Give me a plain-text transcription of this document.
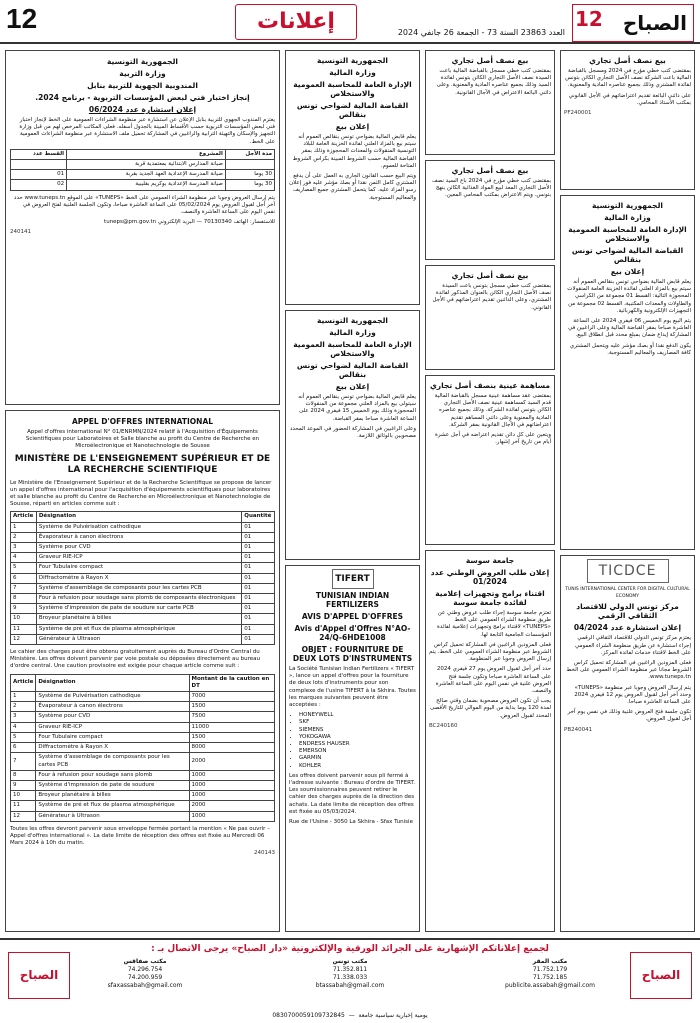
12	إعلانات	العدد 23863 السنة 73 - الجمعة 26 جانفي 2024
12 الصباح
الجمهورية التونسية
وزارة التربية
المندوبية الجهوية للتربية بنابل
إنجاز اختبار فني لبعض المؤسسات التربوية - برنامج 2024.
إعلان استشارة عدد 06/2024

يعتزم المندوب الجهوي للتربية بنابل الإعلان عن استشارة عبر منظومة الشراءات العمومية على الخط لإنجاز اختبار فني لبعض المؤسسات التربوية حسب الأقساط المبينة بالجدول أسفله. فعلى المكاتب المرخص لهم من قبل وزارة التجهيز والإسكان والتهيئة الترابية والراغبين في المشاركة تحميل ملف الاستشارة عبر منظومة الشراءات العمومية على الخط.

مدة الأجل	المشروع	القسط عدد
	صيانة المدارس الابتدائية بمعتمدية قربة	
30 يوما	صيانة المدرسة الإعدادية العهد الجديد بقربة	01
30 يوما	صيانة المدرسة الإعدادية بوكريم بقليبية	02

يتم إرسال العروض وجوبا عبر منظومة الشراء العمومي على الخط «TUNEPS» على الموقع www.tuneps.tn حدد آخر أجل لقبول العروض يوم 05/02/2024 على الساعة العاشرة صباحا، وتكون الجلسة العلنية لفتح العروض في نفس اليوم على الساعة العاشرة والنصف.

للاستفسار: الهاتف 70130340 — البريد الإلكتروني tuneps@pm.gov.tn

240141
APPEL D'OFFRES INTERNATIONAL

Appel d'offres international N° 01/ENRMN/2024 relatif à l'Acquisition d'Équipements Scientifiques pour Laboratoires et Salle blanche au profit du Centre de Recherche en Microélectronique et Nanotechnologie de Sousse

MINISTÈRE DE L'ENSEIGNEMENT SUPÉRIEUR ET DE LA RECHERCHE SCIENTIFIQUE

Le Ministère de l'Enseignement Supérieur et de la Recherche Scientifique se propose de lancer un appel d'offres international pour l'acquisition d'équipements scientifiques pour laboratoires et salle blanche au profit du Centre de Recherche en Microélectronique et Nanotechnologie de Sousse, réparti en articles comme suit :

Article	Désignation	Quantité
1	Système de Pulvérisation cathodique	01
2	Évaporateur à canon électrons	01
3	Système pour CVD	01
4	Graveur RIE-ICP	01
5	Four Tubulaire compact	01
6	Diffractomètre à Rayon X	01
7	Système d'assemblage de composants pour les cartes PCB	01
8	Four à refusion pour soudage sans plomb de composants électroniques	01
9	Système d'impression de pate de soudure sur carte PCB	01
10	Broyeur planétaire à billes	01
11	Système de pré et flux de plasma atmosphérique	01
12	Générateur à Ultrason	01

Le cahier des charges peut être obtenu gratuitement auprès du Bureau d'Ordre Central du Ministère. Les offres doivent parvenir par voie postale ou déposées directement au bureau d'ordre central. Une caution provisoire est exigée pour chaque article comme suit :

Article	Désignation	Montant de la caution en DT
1	Système de Pulvérisation cathodique	7000
2	Évaporateur à canon électrons	1500
3	Système pour CVD	7500
4	Graveur RIE-ICP	11000
5	Four Tubulaire compact	1500
6	Diffractomètre à Rayon X	8000
7	Système d'assemblage de composants pour les cartes PCB	2000
8	Four à refusion pour soudage sans plomb	1000
9	Système d'impression de pate de soudure	1000
10	Broyeur planétaire à billes	1000
11	Système de pré et flux de plasma atmosphérique	2000
12	Générateur à Ultrason	1000

Toutes les offres devront parvenir sous enveloppe fermée portant la mention « Ne pas ouvrir – Appel d'offres international ». La date limite de réception des offres est fixée au Mercredi 06 Mars 2024 à 10h du matin.

240143
الجمهورية التونسية
وزارة المالية
الإدارة العامة للمحاسبة العمومية والاستخلاص
القباضة المالية لضواحي تونس بنقالص
إعلان بيع

يعلم قابض المالية بضواحي تونس بنقالص العموم أنه سيتم بيع بالمزاد العلني لفائدة الخزينة العامة للبلاد التونسية المنقولات والمعدات المحجوزة وذلك بمقر القباضة المالية حسب الشروط المبينة بكراس الشروط المتاحة للعموم.

ويتم البيع حسب القانون الجاري به العمل على أن يدفع المشتري كامل الثمن نقدا أو بصك مؤشر عليه فور إعلان رسو المزاد عليه. كما يتحمل المشتري جميع المصاريف والمعاليم المستوجبة.

الجمهورية التونسية
وزارة المالية
الإدارة العامة للمحاسبة العمومية والاستخلاص
القباضة المالية لضواحي تونس بنقالص
إعلان بيع

يعلم قابض المالية بضواحي تونس بنقالص العموم أنه سيتولى بيع بالمزاد العلني مجموعة من المنقولات المحجوزة وذلك يوم الخميس 15 فيفري 2024 على الساعة العاشرة صباحا بمقر القباضة.

وعلى الراغبين في المشاركة الحضور في الموعد المحدد مصحوبين بالوثائق اللازمة.

TIFERT
TUNISIAN INDIAN FERTILIZERS
AVIS D'APPEL D'OFFRES
Avis d'Appel d'Offres N°AO-24/Q-6HDE1008
OBJET : FOURNITURE DE DEUX LOTS D'INSTRUMENTS

La Société Tunisian Indian Fertilizers « TIFERT », lance un appel d'offres pour la fourniture de deux lots d'instruments pour son complexe de l'usine TIFERT à la Skhira. Toutes les marques suivantes peuvent être acceptées :

• HONEYWELL
• SKF
• SIEMENS
• YOKOGAWA
• ENDRESS HAUSER
• EMERSON
• GARMIN
• KOHLER

Les offres doivent parvenir sous pli fermé à l'adresse suivante : Bureau d'ordre de TIFERT. Les soumissionnaires peuvent retirer le cahier des charges auprès de la direction des achats. La date limite de réception des offres est fixée au 05/03/2024.

Rue de l'Usine - 3050 La Skhira - Sfax Tunisie

بيع نصف أصل تجاري

بمقتضى كتب خطي مسجل بالقباضة المالية باعت السيدة نصف الأصل التجاري الكائن بتونس لفائدة السيد وذلك بجميع عناصره المادية والمعنوية. وعلى دائني البائعة الاعتراض في الآجال القانونية.

بيع نصف أصل تجاري

بمقتضى كتب خطي مؤرخ في 2024 باع السيد نصف الأصل التجاري المعد لبيع المواد الغذائية الكائن بنهج بتونس. ويتم الاعتراض بمكتب المحامي المعين.

بيع نصف أصل تجاري

بمقتضى كتب خطي مسجل بتونس باعت السيدة نصف الأصل التجاري الكائن بالعنوان المذكور لفائدة المشتري، وعلى الدائنين تقديم اعتراضاتهم في الأجل القانوني.

مساهمة عينية بنصف أصل تجاري

بمقتضى عقد مساهمة عينية مسجل بالقباضة المالية قدم السيد كمساهمة عينية نصف الأصل التجاري الكائن بتونس لفائدة الشركة. وذلك بجميع عناصره المادية والمعنوية وعلى دائني المساهم تقديم اعتراضاتهم في الآجال القانونية بمقر الشركة.

ويتعين على كل دائن تقديم اعتراضه في أجل عشرة أيام من تاريخ آخر إشهار.

جامعة سوسة
إعلان طلب العروض الوطني عدد 01/2024
اقتناء برامج وتجهيزات إعلامية لفائدة جامعة سوسة

تعتزم جامعة سوسة إجراء طلب عروض وطني عن طريق منظومة الشراء العمومي على الخط «TUNEPS» لاقتناء برامج وتجهيزات إعلامية لفائدة المؤسسات الجامعية التابعة لها.

فعلى المزودين الراغبين في المشاركة تحميل كراس الشروط عبر منظومة الشراء العمومي على الخط. يتم إرسال العروض وجوبا عبر المنظومة.

حدد آخر أجل لقبول العروض يوم 27 فيفري 2024 على الساعة العاشرة صباحا وتكون جلسة فتح العروض علنية في نفس اليوم على الساعة العاشرة والنصف.

يجب أن تكون العروض مصحوبة بضمان وقتي صالح لمدة 120 يوما بداية من اليوم الموالي للتاريخ الأقصى المحدد لقبول العروض.

BC240160
بيع نصف أصل تجاري

بمقتضى كتب خطي مؤرخ في 2024 ومسجل بالقباضة المالية باعت الشركة نصف الأصل التجاري الكائن بتونس لفائدة المشتري وذلك بجميع عناصره المادية والمعنوية.

على دائني البائعة تقديم اعتراضاتهم في الأجل القانوني بمكتب الأستاذ المحامي.

PF240001
الجمهورية التونسية
وزارة المالية
الإدارة العامة للمحاسبة العمومية والاستخلاص
القباضة المالية لضواحي تونس بنقالص
إعلان بيع

يعلم قابض المالية بضواحي تونس بنقالص العموم أنه سيتم بيع بالمزاد العلني لفائدة الخزينة العامة المنقولات المحجوزة التالية: القسط 01 مجموعة من الكراسي والطاولات والمعدات المكتبية، القسط 02 مجموعة من التجهيزات الإلكترونية والكهربائية.

يتم البيع يوم الخميس 06 فيفري 2024 على الساعة العاشرة صباحا بمقر القباضة المالية وعلى الراغبين في المشاركة إيداع ضمان بمبلغ محدد قبل انطلاق البيع.

يكون الدفع نقدا أو بصك مؤشر عليه ويتحمل المشتري كافة المصاريف والمعاليم المستوجبة.

TICDCE
TUNIS INTERNATIONAL CENTER FOR DIGITAL CULTURAL ECONOMY
مركز تونس الدولي للاقتصاد الثقافي الرقمي
إعلان استشارة عدد 04/2024

يعتزم مركز تونس الدولي للاقتصاد الثقافي الرقمي إجراء استشارة عن طريق منظومة الشراء العمومي على الخط لاقتناء خدمات لفائدة المركز.

فعلى المزودين الراغبين في المشاركة تحميل كراس الشروط مجانا عبر منظومة الشراء العمومي على الخط www.tuneps.tn.

يتم إرسال العروض وجوبا عبر منظومة «TUNEPS» وحدد آخر أجل لقبول العروض يوم 12 فيفري 2024 على الساعة العاشرة صباحا.

تكون جلسة فتح العروض علنية وذلك في نفس يوم آخر أجل لقبول العروض.

PB240041
لجميع إعلاناتكم الإشهارية على الجرائد الورقية والإلكترونية «دار الصباح» يرجى الاتصال بـ :
الصباح
مكتب صفاقس
74.296.754
74.200.959
sfaxassabah@gmail.com
مكتب تونس
71.352.811
71.338.033
btassabah@gmail.com
مكتب المقر
71.752.179
71.752.185
publicite.assabah@gmail.com
الصباح
يومية إخبارية سياسية جامعة  —  0830700059109732845
